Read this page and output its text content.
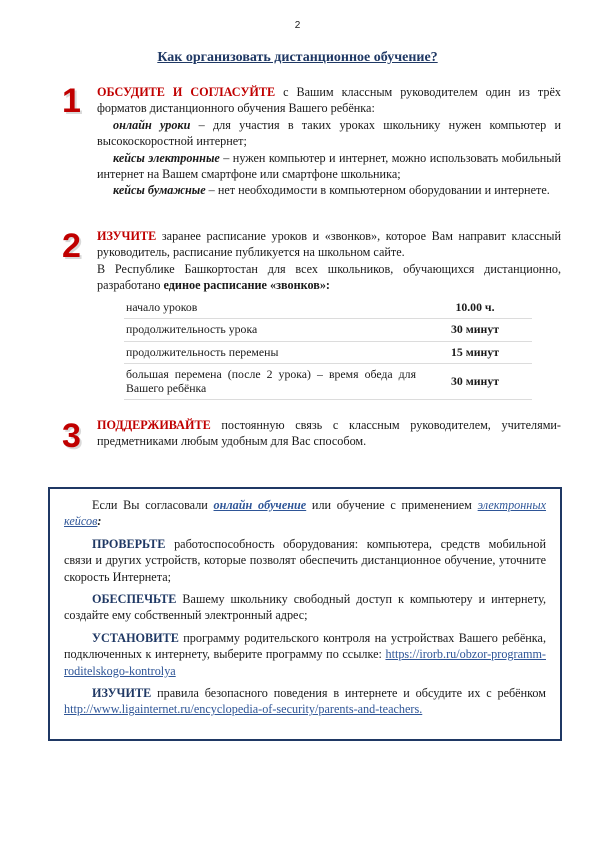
2
Как организовать дистанционное обучение?
1	ОБСУДИТЕ И СОГЛАСУЙТЕ с Вашим классным руководителем один из трёх форматов дистанционного обучения Вашего ребёнка:

онлайн уроки – для участия в таких уроках школьнику нужен компьютер и высокоскоростной интернет;

кейсы электронные – нужен компьютер и интернет, можно использовать мобильный интернет на Вашем смартфоне или смартфоне школьника;

кейсы бумажные – нет необходимости в компьютерном оборудовании и интернете.

2	ИЗУЧИТЕ заранее расписание уроков и «звонков», которое Вам направит классный руководитель, расписание публикуется на школьном сайте.

В Республике Башкортостан для всех школьников, обучающихся дистанционно, разработано единое расписание «звонков»:

начало уроков	10.00 ч.
продолжительность урока	30 минут
продолжительность перемены	15 минут
большая перемена (после 2 урока) – время обеда для Вашего ребёнка	30 минут
3	ПОДДЕРЖИВАЙТЕ постоянную связь с классным руководителем, учителями-предметниками любым удобным для Вас способом.

Если Вы согласовали онлайн обучение или обучение с применением электронных кейсов:

ПРОВЕРЬТЕ работоспособность оборудования: компьютера, средств мобильной связи и других устройств, которые позволят обеспечить дистанционное обучение, уточните скорость Интернета;

ОБЕСПЕЧЬТЕ Вашему школьнику свободный доступ к компьютеру и интернету, создайте ему собственный электронный адрес;

УСТАНОВИТЕ программу родительского контроля на устройствах Вашего ребёнка, подключенных к интернету, выберите программу по ссылке: https://irorb.ru/obzor-programm-roditelskogo-kontrolya

ИЗУЧИТЕ правила безопасного поведения в интернете и обсудите их с ребёнком http://www.ligainternet.ru/encyclopedia-of-security/parents-and-teachers.
